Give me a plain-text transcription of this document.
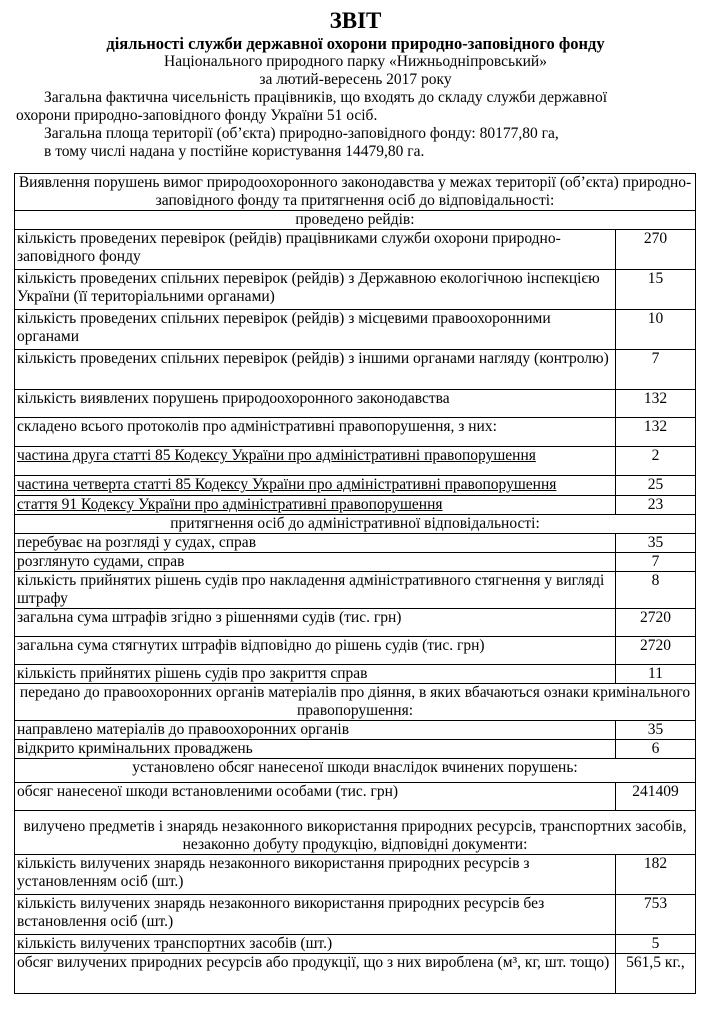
ЗВІТ
діяльності служби державної охорони природно-заповідного фонду
Національного природного парку «Нижньодніпровський»
за лютий-вересень 2017 року
Загальна фактична чисельність працівників, що входять до складу служби державної
охорони природно-заповідного фонду України 51 осіб.
Загальна площа території (об’єкта) природно-заповідного фонду: 80177,80 га,
в тому числі надана у постійне користування 14479,80 га.
Виявлення порушень вимог природоохоронного законодавства у межах території (об’єкта) природно-заповідного фонду та притягнення осіб до відповідальності:	
проведено рейдів:	
кількість проведених перевірок (рейдів) працівниками служби охорони природно-заповідного фонду	270
кількість проведених спільних перевірок (рейдів) з Державною екологічною інспекцією України (її територіальними органами)	15
кількість проведених спільних перевірок (рейдів) з місцевими правоохоронними органами	10
кількість проведених спільних перевірок (рейдів) з іншими органами нагляду (контролю)	7
кількість виявлених порушень природоохоронного законодавства	132
складено всього протоколів про адміністративні правопорушення, з них:	132
частина друга статті 85 Кодексу України про адміністративні правопорушення	2
частина четверта статті 85 Кодексу України про адміністративні правопорушення	25
стаття 91 Кодексу України про адміністративні правопорушення	23
притягнення осіб до адміністративної відповідальності:	
перебуває на розгляді у судах, справ	35
розглянуто судами, справ	7
кількість прийнятих рішень судів про накладення адміністративного стягнення у вигляді штрафу	8
загальна сума штрафів згідно з рішеннями судів (тис. грн)	2720
загальна сума стягнутих штрафів відповідно до рішень судів (тис. грн)	2720
кількість прийнятих рішень судів про закриття справ	11
передано до правоохоронних органів матеріалів про діяння, в яких вбачаються ознаки кримінального правопорушення:	
направлено матеріалів до правоохоронних органів	35
відкрито кримінальних проваджень	6
установлено обсяг нанесеної шкоди внаслідок вчинених порушень:	
обсяг нанесеної шкоди встановленими особами (тис. грн)	241409
вилучено предметів і знарядь незаконного використання природних ресурсів, транспортних засобів, незаконно добуту продукцію, відповідні документи:	
кількість вилучених знарядь незаконного використання природних ресурсів з установленням осіб (шт.)	182
кількість вилучених знарядь незаконного використання природних ресурсів без встановлення осіб (шт.)	753
кількість вилучених транспортних засобів (шт.)	5
обсяг вилучених природних ресурсів або продукції, що з них вироблена (м³, кг, шт. тощо)	561,5 кг.,
